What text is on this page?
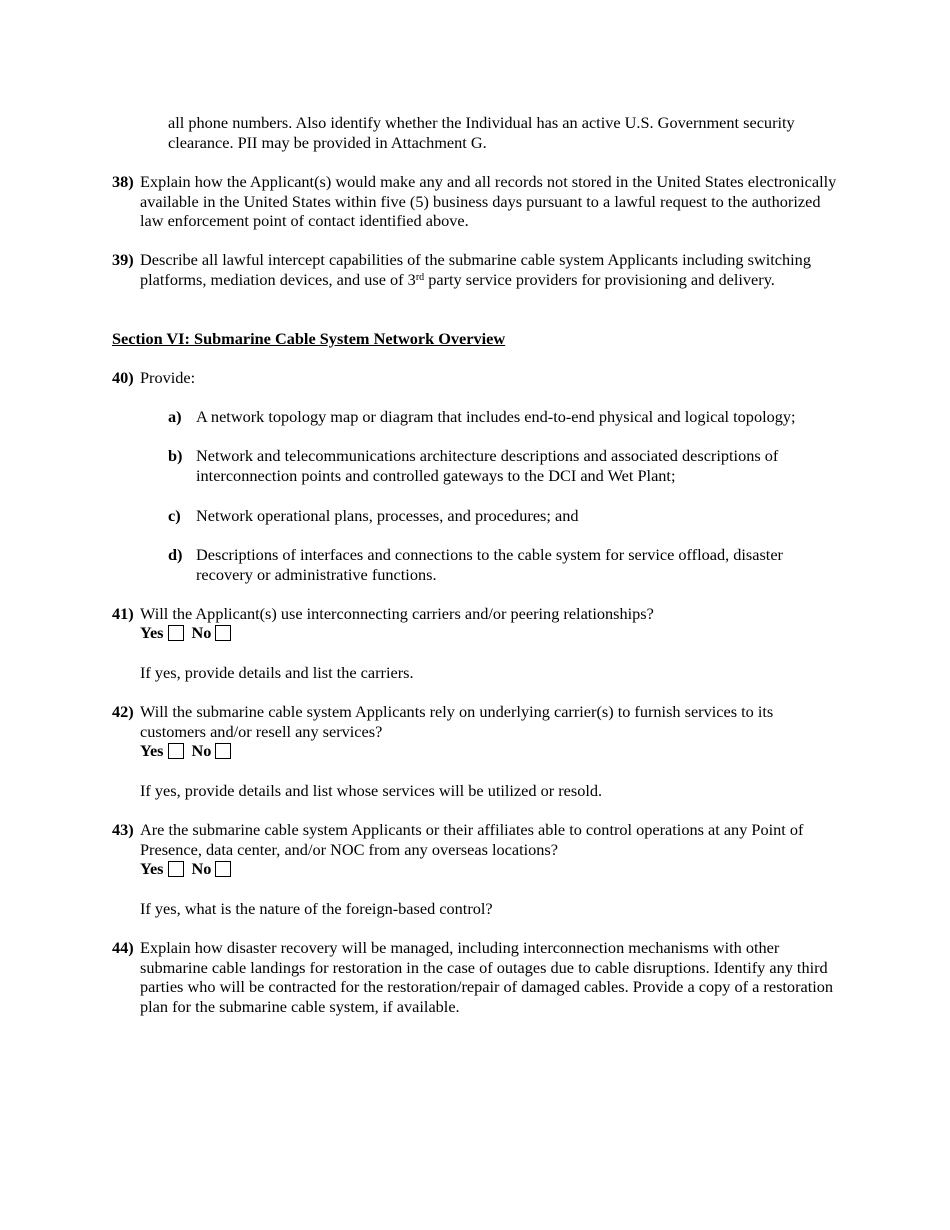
all phone numbers. Also identify whether the Individual has an active U.S. Government security clearance. PII may be provided in Attachment G.
38) Explain how the Applicant(s) would make any and all records not stored in the United States electronically available in the United States within five (5) business days pursuant to a lawful request to the authorized law enforcement point of contact identified above.
39) Describe all lawful intercept capabilities of the submarine cable system Applicants including switching platforms, mediation devices, and use of 3rd party service providers for provisioning and delivery.
Section VI: Submarine Cable System Network Overview
40) Provide:
a) A network topology map or diagram that includes end-to-end physical and logical topology;
b) Network and telecommunications architecture descriptions and associated descriptions of interconnection points and controlled gateways to the DCI and Wet Plant;
c) Network operational plans, processes, and procedures; and
d) Descriptions of interfaces and connections to the cable system for service offload, disaster recovery or administrative functions.
41) Will the Applicant(s) use interconnecting carriers and/or peering relationships?
Yes No
If yes, provide details and list the carriers.
42) Will the submarine cable system Applicants rely on underlying carrier(s) to furnish services to its customers and/or resell any services?
Yes No
If yes, provide details and list whose services will be utilized or resold.
43) Are the submarine cable system Applicants or their affiliates able to control operations at any Point of Presence, data center, and/or NOC from any overseas locations?
Yes No
If yes, what is the nature of the foreign-based control?
44) Explain how disaster recovery will be managed, including interconnection mechanisms with other submarine cable landings for restoration in the case of outages due to cable disruptions. Identify any third parties who will be contracted for the restoration/repair of damaged cables. Provide a copy of a restoration plan for the submarine cable system, if available.
